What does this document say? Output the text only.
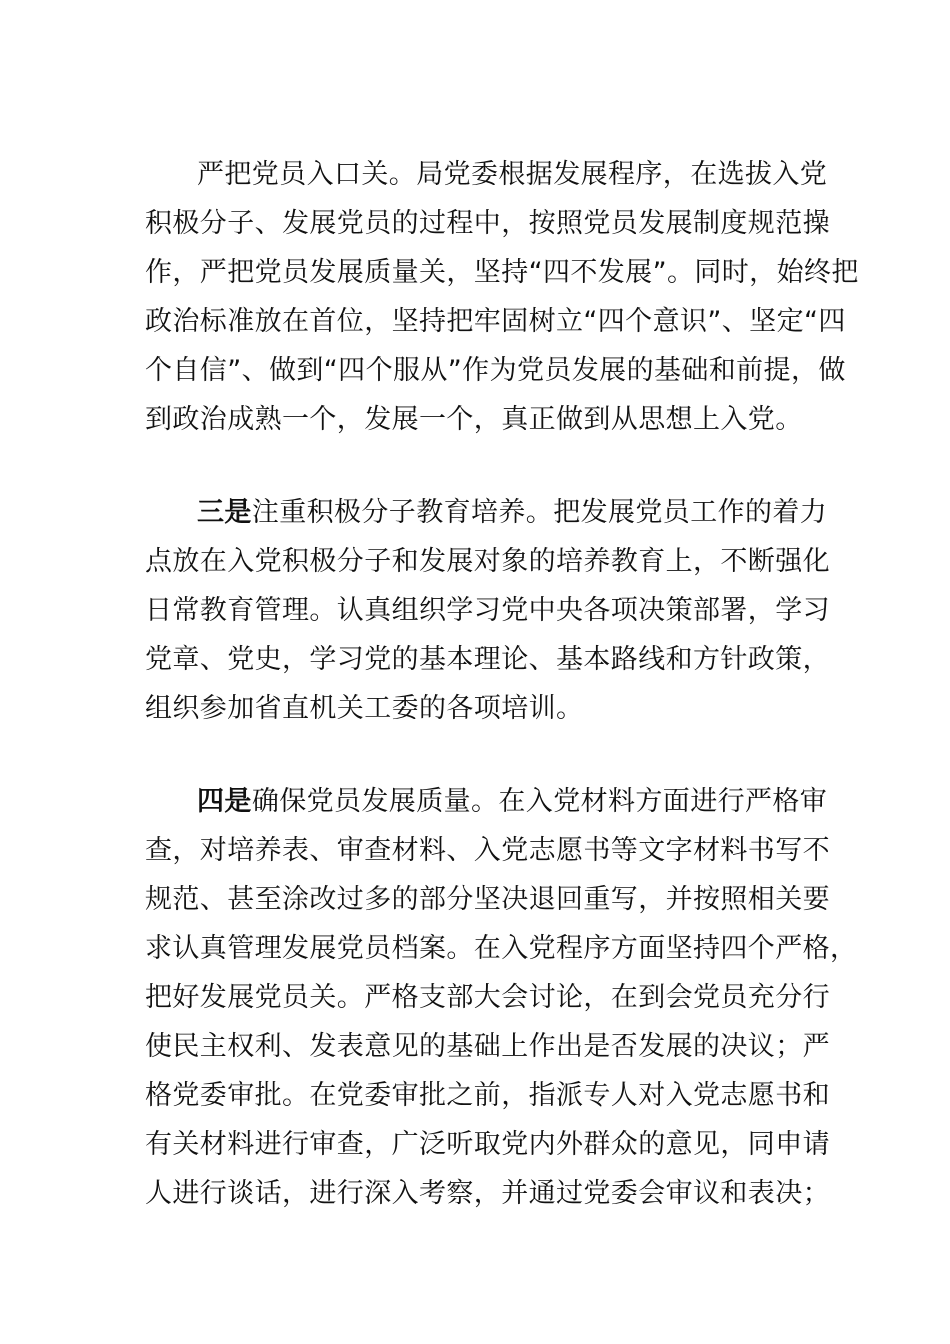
严把党员入口关。局党委根据发展程序，在选拔入党
积极分子、发展党员的过程中，按照党员发展制度规范操
作，严把党员发展质量关，坚持“四不发展”。同时，始终把
政治标准放在首位，坚持把牢固树立“四个意识”、坚定“四
个自信”、做到“四个服从”作为党员发展的基础和前提，做
到政治成熟一个，发展一个，真正做到从思想上入党。
三是注重积极分子教育培养。把发展党员工作的着力
点放在入党积极分子和发展对象的培养教育上，不断强化
日常教育管理。认真组织学习党中央各项决策部署，学习
党章、党史，学习党的基本理论、基本路线和方针政策，
组织参加省直机关工委的各项培训。
四是确保党员发展质量。在入党材料方面进行严格审
查，对培养表、审查材料、入党志愿书等文字材料书写不
规范、甚至涂改过多的部分坚决退回重写，并按照相关要
求认真管理发展党员档案。在入党程序方面坚持四个严格，
把好发展党员关。严格支部大会讨论，在到会党员充分行
使民主权利、发表意见的基础上作出是否发展的决议；严
格党委审批。在党委审批之前，指派专人对入党志愿书和
有关材料进行审查，广泛听取党内外群众的意见，同申请
人进行谈话，进行深入考察，并通过党委会审议和表决；
